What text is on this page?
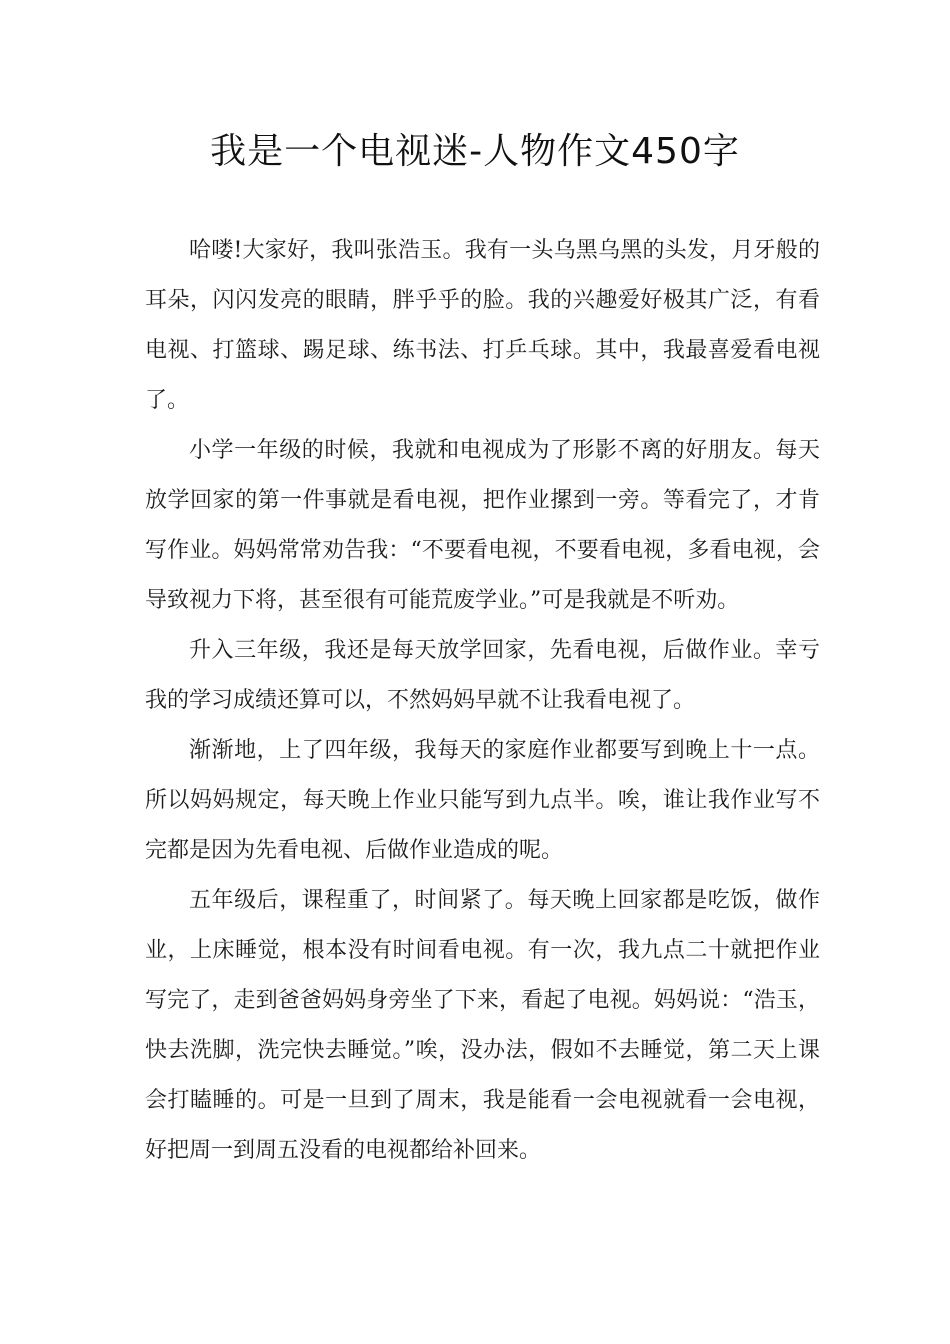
我是一个电视迷-人物作文450字

哈喽!大家好，我叫张浩玉。我有一头乌黑乌黑的头发，月牙般的耳朵，闪闪发亮的眼睛，胖乎乎的脸。我的兴趣爱好极其广泛，有看电视、打篮球、踢足球、练书法、打乒乓球。其中，我最喜爱看电视了。

小学一年级的时候，我就和电视成为了形影不离的好朋友。每天放学回家的第一件事就是看电视，把作业摞到一旁。等看完了，才肯写作业。妈妈常常劝告我：“不要看电视，不要看电视，多看电视，会导致视力下将，甚至很有可能荒废学业。”可是我就是不听劝。

升入三年级，我还是每天放学回家，先看电视，后做作业。幸亏我的学习成绩还算可以，不然妈妈早就不让我看电视了。

渐渐地，上了四年级，我每天的家庭作业都要写到晚上十一点。所以妈妈规定，每天晚上作业只能写到九点半。唉，谁让我作业写不完都是因为先看电视、后做作业造成的呢。

五年级后，课程重了，时间紧了。每天晚上回家都是吃饭，做作业，上床睡觉，根本没有时间看电视。有一次，我九点二十就把作业写完了，走到爸爸妈妈身旁坐了下来，看起了电视。妈妈说：“浩玉，快去洗脚，洗完快去睡觉。”唉，没办法，假如不去睡觉，第二天上课会打瞌睡的。可是一旦到了周末，我是能看一会电视就看一会电视，好把周一到周五没看的电视都给补回来。
